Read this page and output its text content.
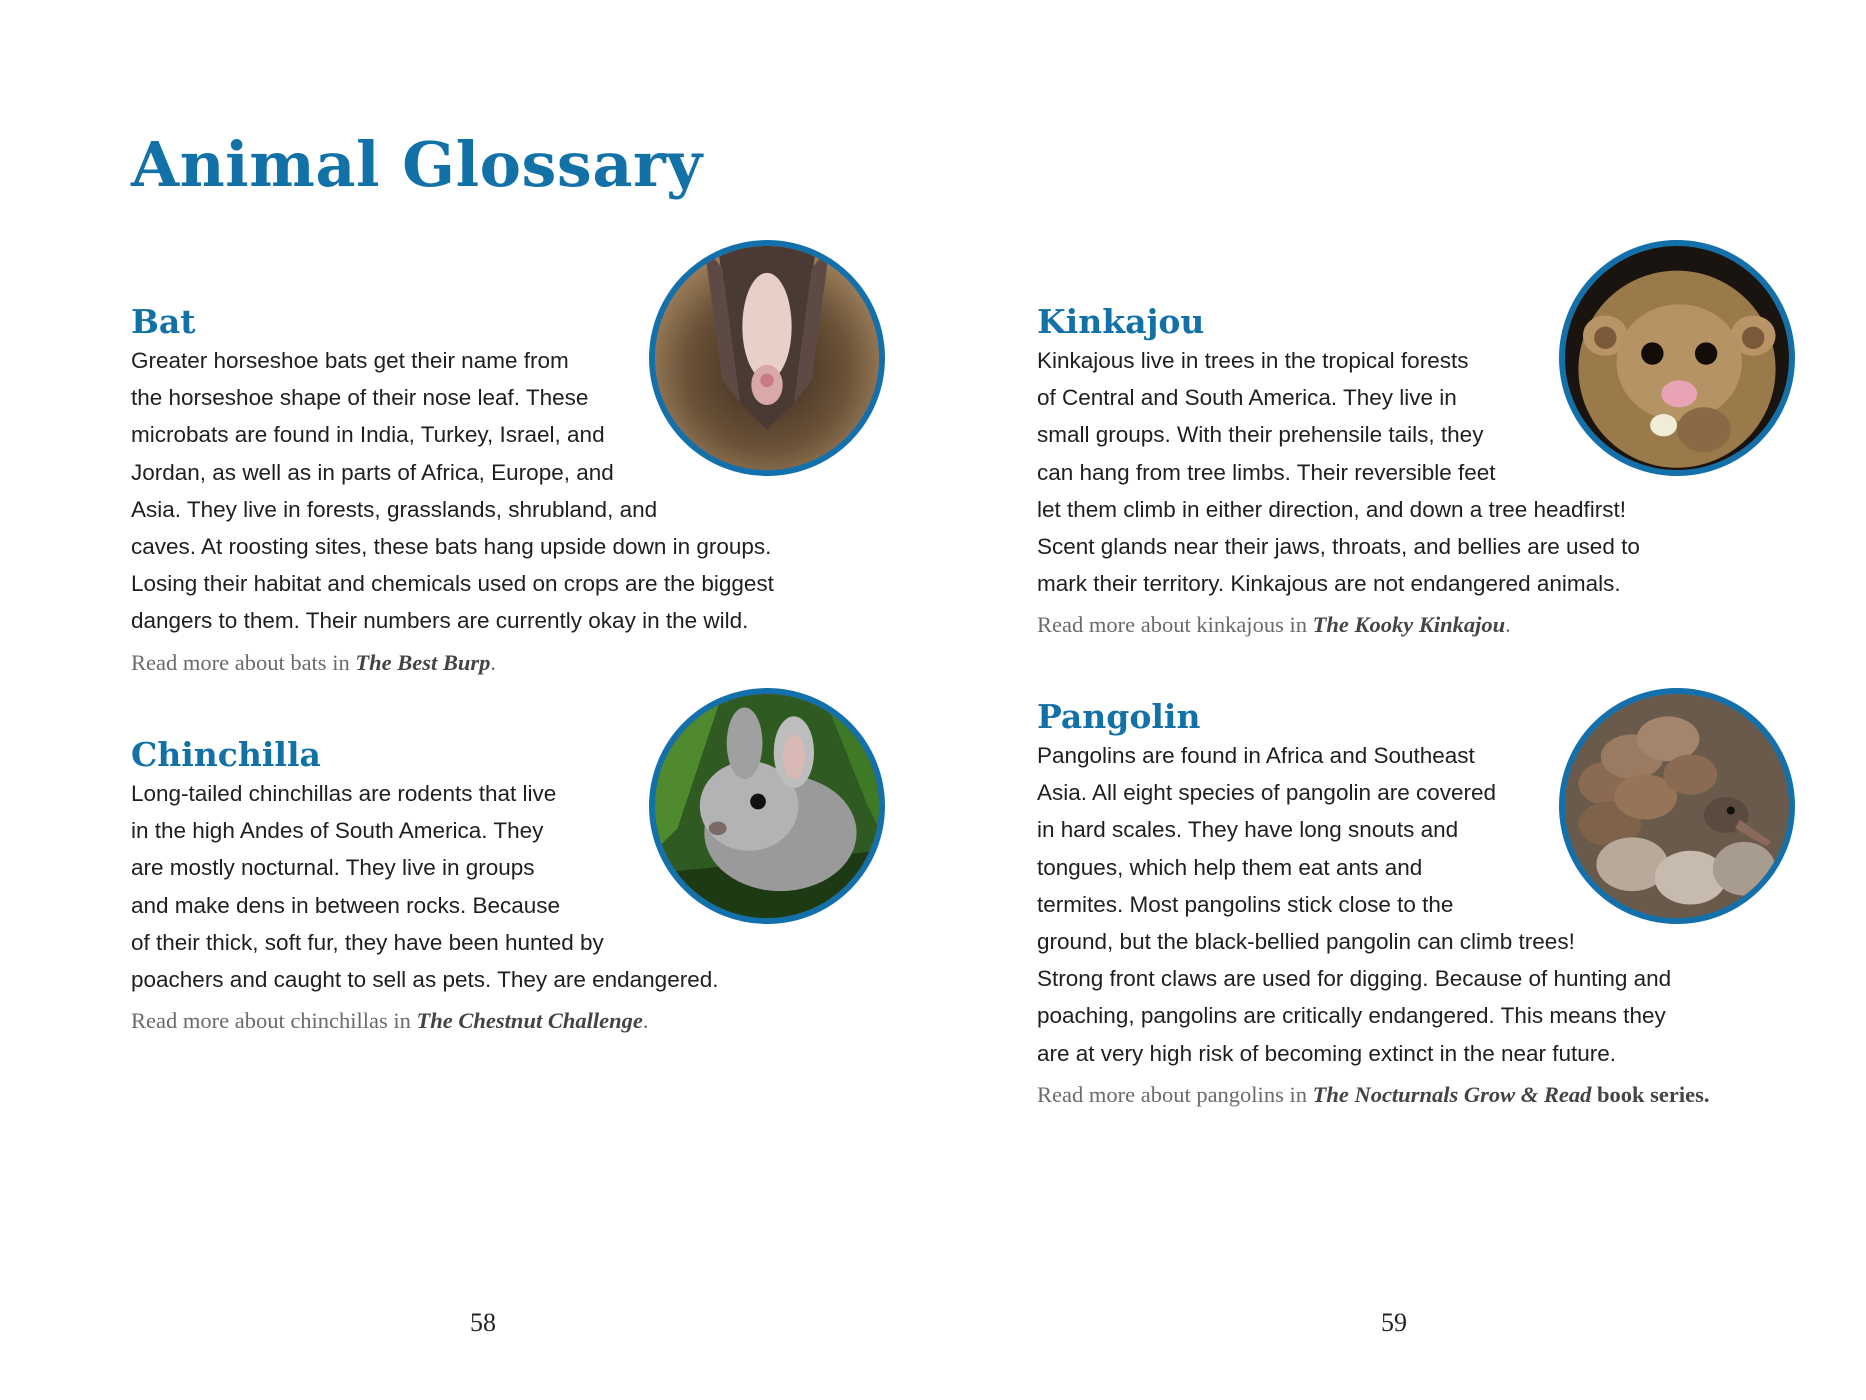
Animal Glossary
Bat

Greater horseshoe bats get their name from
the horseshoe shape of their nose leaf. These
microbats are found in India, Turkey, Israel, and
Jordan, as well as in parts of Africa, Europe, and
Asia. They live in forests, grasslands, shrubland, and
caves. At roosting sites, these bats hang upside down in groups.
Losing their habitat and chemicals used on crops are the biggest
dangers to them. Their numbers are currently okay in the wild.

Read more about bats in The Best Burp.

Chinchilla

Long-tailed chinchillas are rodents that live
in the high Andes of South America. They
are mostly nocturnal. They live in groups
and make dens in between rocks. Because
of their thick, soft fur, they have been hunted by
poachers and caught to sell as pets. They are endangered.

Read more about chinchillas in The Chestnut Challenge.

58
Kinkajou

Kinkajous live in trees in the tropical forests
of Central and South America. They live in
small groups. With their prehensile tails, they
can hang from tree limbs. Their reversible feet
let them climb in either direction, and down a tree headfirst!
Scent glands near their jaws, throats, and bellies are used to
mark their territory. Kinkajous are not endangered animals.

Read more about kinkajous in The Kooky Kinkajou.

Pangolin

Pangolins are found in Africa and Southeast
Asia. All eight species of pangolin are covered
in hard scales. They have long snouts and
tongues, which help them eat ants and
termites. Most pangolins stick close to the
ground, but the black-bellied pangolin can climb trees!
Strong front claws are used for digging. Because of hunting and
poaching, pangolins are critically endangered. This means they
are at very high risk of becoming extinct in the near future.

Read more about pangolins in The Nocturnals Grow & Read book series.

59
